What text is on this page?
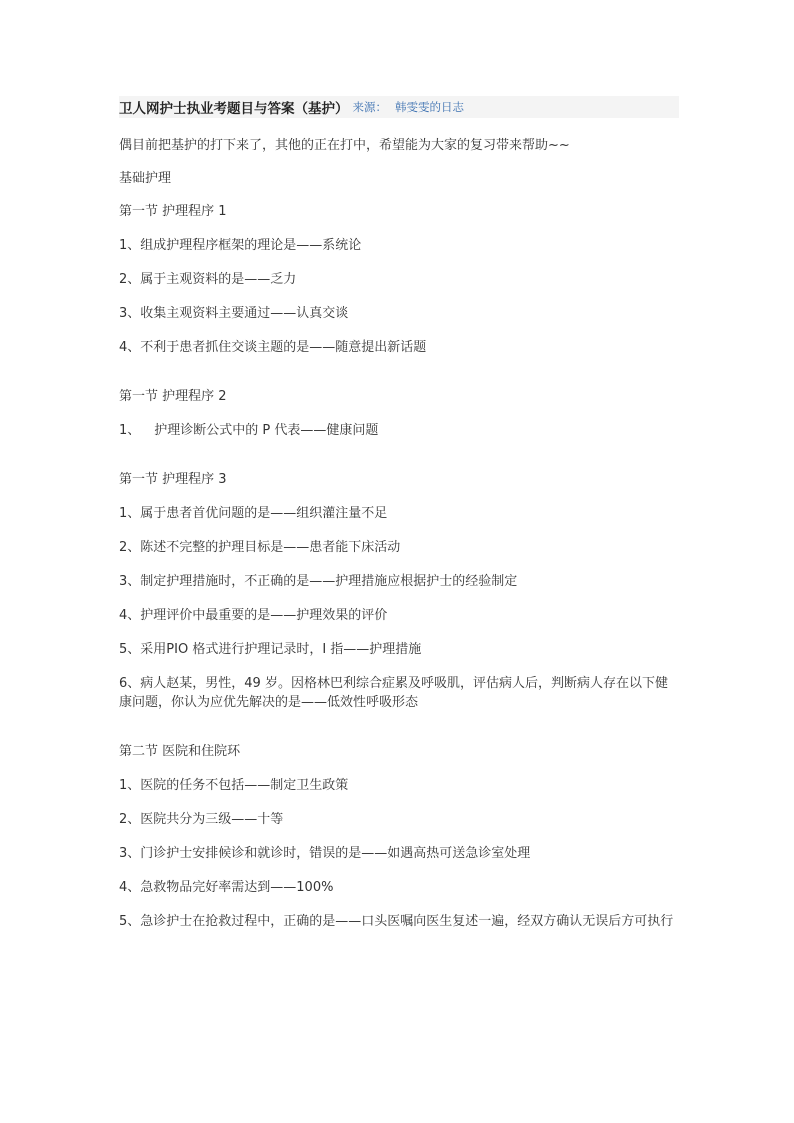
卫人网护士执业考题目与答案（基护） 来源： 韩雯雯的日志

偶目前把基护的打下来了，其他的正在打中，希望能为大家的复习带来帮助~~

基础护理

第一节 护理程序 1

1、组成护理程序框架的理论是——系统论

2、属于主观资料的是——乏力

3、收集主观资料主要通过——认真交谈

4、不利于患者抓住交谈主题的是——随意提出新话题

第一节 护理程序 2

1、 护理诊断公式中的 P 代表——健康问题

第一节 护理程序 3

1、属于患者首优问题的是——组织灌注量不足

2、陈述不完整的护理目标是——患者能下床活动

3、制定护理措施时，不正确的是——护理措施应根据护士的经验制定

4、护理评价中最重要的是——护理效果的评价

5、采用PIO 格式进行护理记录时，I 指——护理措施

6、病人赵某，男性，49 岁。因格林巴利综合症累及呼吸肌，评估病人后，判断病人存在以下健康问题，你认为应优先解决的是——低效性呼吸形态

第二节 医院和住院环

1、医院的任务不包括——制定卫生政策

2、医院共分为三级——十等

3、门诊护士安排候诊和就诊时，错误的是——如遇高热可送急诊室处理

4、急救物品完好率需达到——100%

5、急诊护士在抢救过程中，正确的是——口头医嘱向医生复述一遍，经双方确认无误后方可执行
